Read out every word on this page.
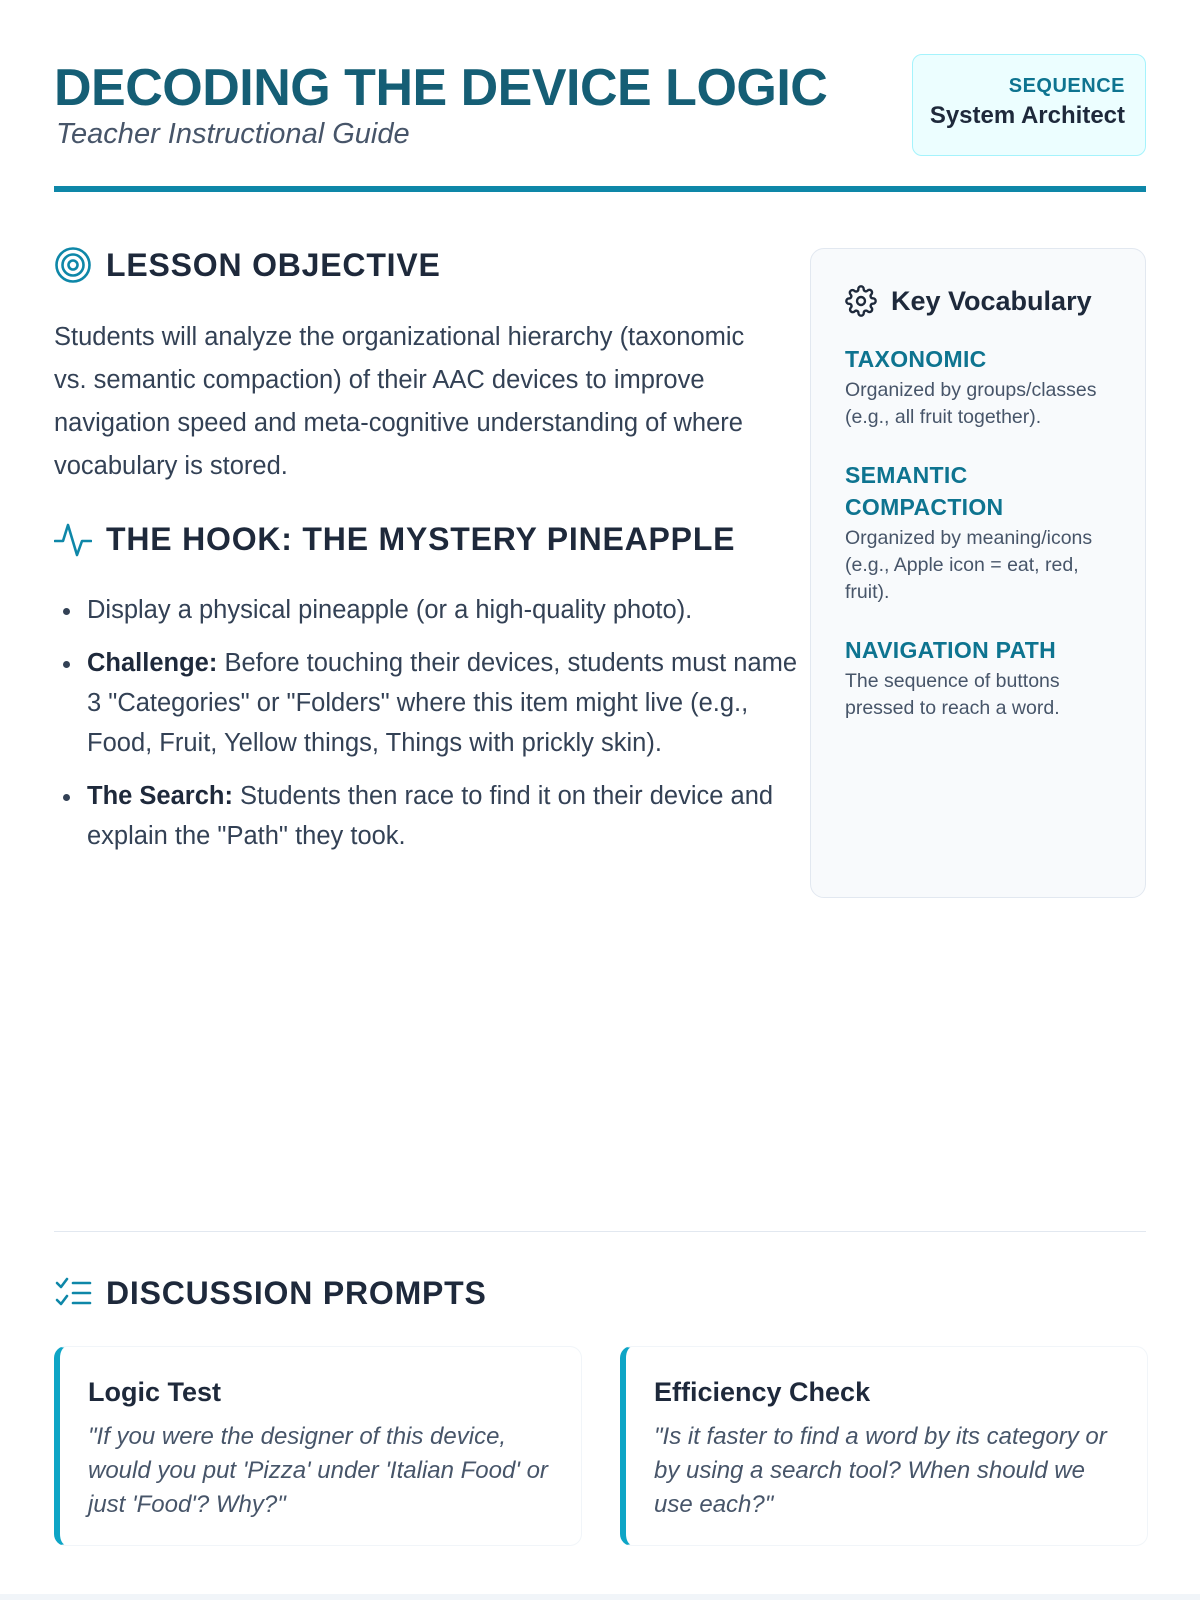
DECODING THE DEVICE LOGIC

Teacher Instructional Guide

SEQUENCE
System Architect
LESSON OBJECTIVE

Students will analyze the organizational hierarchy (taxonomic vs. semantic compaction) of their AAC devices to improve navigation speed and meta-cognitive understanding of where vocabulary is stored.

THE HOOK: THE MYSTERY PINEAPPLE
Display a physical pineapple (or a high-quality photo).
Challenge: Before touching their devices, students must name 3 "Categories" or "Folders" where this item might live (e.g., Food, Fruit, Yellow things, Things with prickly skin).
The Search: Students then race to find it on their device and explain the "Path" they took.
Key Vocabulary
TAXONOMIC
Organized by groups/classes (e.g., all fruit together).
SEMANTIC COMPACTION
Organized by meaning/icons (e.g., Apple icon = eat, red, fruit).
NAVIGATION PATH
The sequence of buttons pressed to reach a word.
DISCUSSION PROMPTS
Logic Test
"If you were the designer of this device, would you put 'Pizza' under 'Italian Food' or just 'Food'? Why?"
Efficiency Check
"Is it faster to find a word by its category or by using a search tool? When should we use each?"
